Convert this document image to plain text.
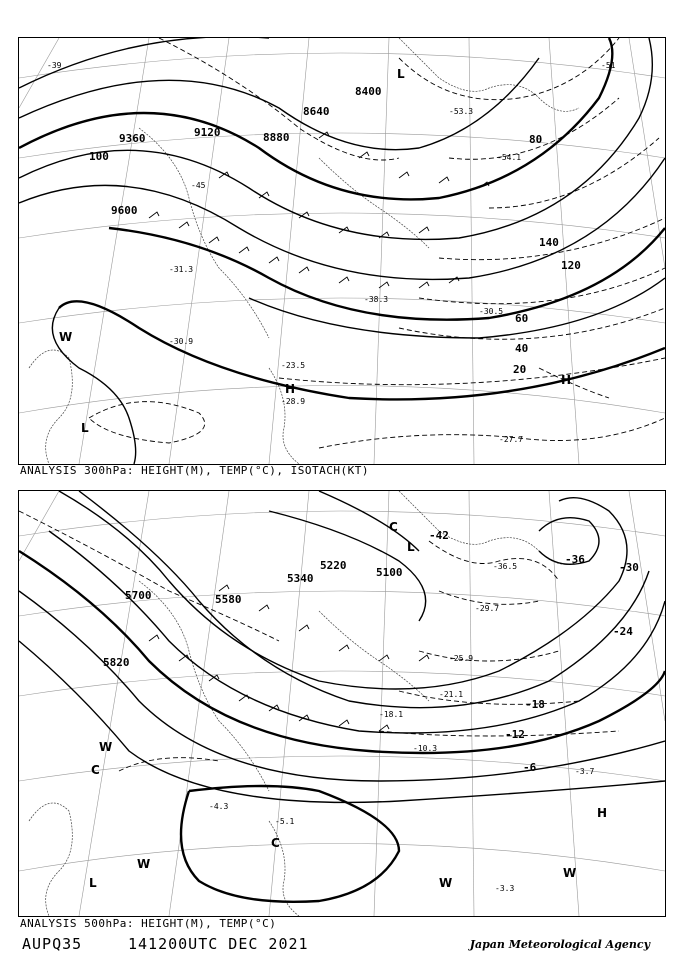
8400
8640
8880
9120
9360
9600
20
40
60
80
100
120
140
-39
-45
-51
-53.3
-54.1
-38.3
-31.3
-30.5
-30.9
-28.9
-27.7
-23.5
L
H
W
L
H
ANALYSIS 300hPa: HEIGHT(M), TEMP(°C), ISOTACH(KT)
5100
5220
5340
5580
5700
5820
-42
-36
-30
-24
-18
-12
-6
-36.5
-29.7
-25.9
-21.1
-18.1
-10.3
-5.1
-4.3
-3.7
-3.3
L
C
W
C
W
C
L	W
W
H
ANALYSIS 500hPa: HEIGHT(M), TEMP(°C)
AUPQ35	141200UTC DEC 2021	Japan Meteorological Agency
